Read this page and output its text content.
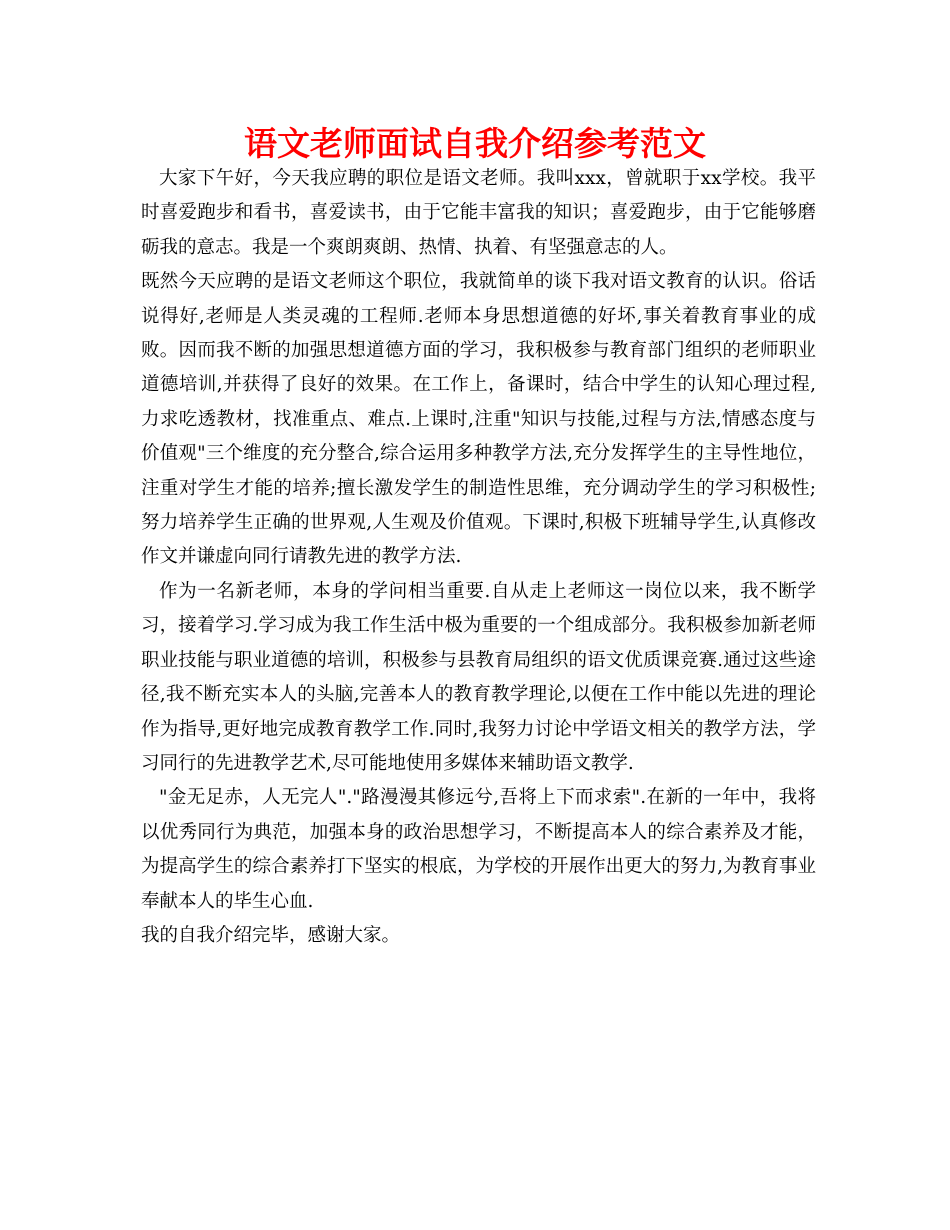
语文老师面试自我介绍参考范文

大家下午好，今天我应聘的职位是语文老师。我叫xxx，曾就职于xx学校。我平时喜爱跑步和看书，喜爱读书，由于它能丰富我的知识；喜爱跑步，由于它能够磨砺我的意志。我是一个爽朗爽朗、热情、执着、有坚强意志的人。

既然今天应聘的是语文老师这个职位，我就简单的谈下我对语文教育的认识。俗话说得好,老师是人类灵魂的工程师.老师本身思想道德的好坏,事关着教育事业的成败。因而我不断的加强思想道德方面的学习，我积极参与教育部门组织的老师职业道德培训,并获得了良好的效果。在工作上，备课时，结合中学生的认知心理过程,力求吃透教材，找准重点、难点.上课时,注重"知识与技能,过程与方法,情感态度与价值观"三个维度的充分整合,综合运用多种教学方法,充分发挥学生的主导性地位，注重对学生才能的培养;擅长激发学生的制造性思维，充分调动学生的学习积极性;努力培养学生正确的世界观,人生观及价值观。下课时,积极下班辅导学生,认真修改作文并谦虚向同行请教先进的教学方法.

作为一名新老师，本身的学问相当重要.自从走上老师这一岗位以来，我不断学习，接着学习.学习成为我工作生活中极为重要的一个组成部分。我积极参加新老师职业技能与职业道德的培训，积极参与县教育局组织的语文优质课竞赛.通过这些途径,我不断充实本人的头脑,完善本人的教育教学理论,以便在工作中能以先进的理论作为指导,更好地完成教育教学工作.同时,我努力讨论中学语文相关的教学方法，学习同行的先进教学艺术,尽可能地使用多媒体来辅助语文教学.

"金无足赤，人无完人"."路漫漫其修远兮,吾将上下而求索".在新的一年中，我将以优秀同行为典范，加强本身的政治思想学习，不断提高本人的综合素养及才能，为提高学生的综合素养打下坚实的根底，为学校的开展作出更大的努力,为教育事业奉献本人的毕生心血.

我的自我介绍完毕，感谢大家。
